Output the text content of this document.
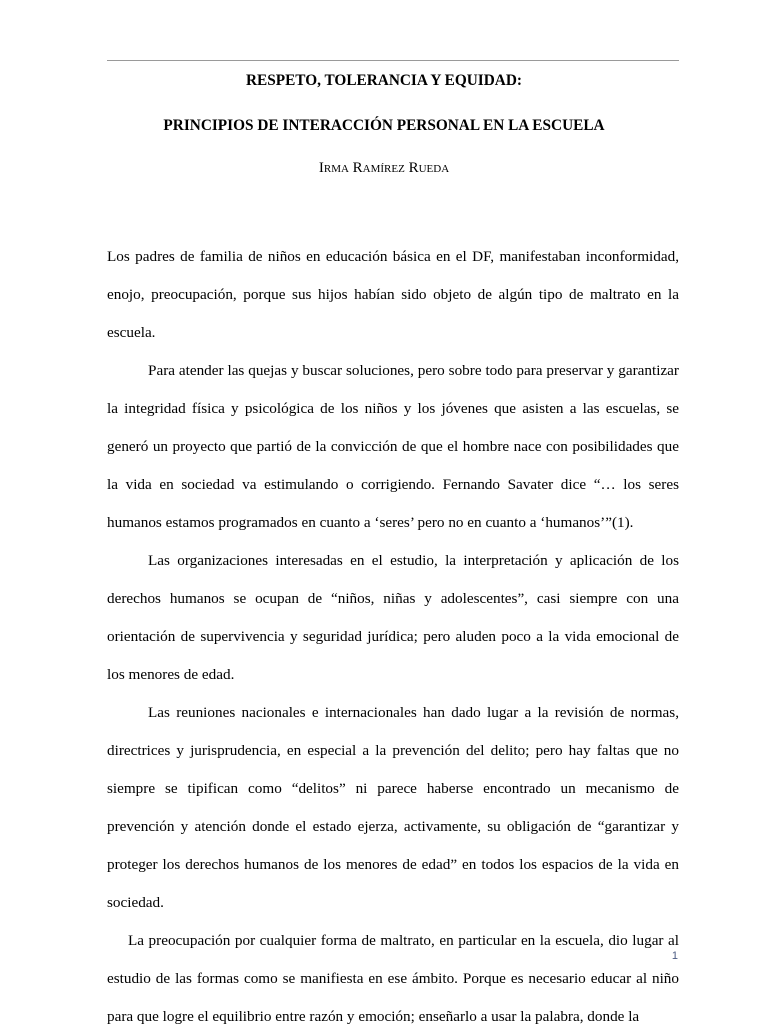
RESPETO, TOLERANCIA Y EQUIDAD:
PRINCIPIOS DE INTERACCIÓN PERSONAL EN LA ESCUELA
Irma Ramírez Rueda

Los padres de familia de niños en educación básica en el DF, manifestaban inconformidad, enojo, preocupación, porque sus hijos habían sido objeto de algún tipo de maltrato en la escuela.

Para atender las quejas y buscar soluciones, pero sobre todo para preservar y garantizar la integridad física y psicológica de los niños y los jóvenes que asisten a las escuelas, se generó un proyecto que partió de la convicción de que el hombre nace con posibilidades que la vida en sociedad va estimulando o corrigiendo. Fernando Savater dice “… los seres humanos estamos programados en cuanto a ‘seres’ pero no en cuanto a ‘humanos’”(1).

Las organizaciones interesadas en el estudio, la interpretación y aplicación de los derechos humanos se ocupan de “niños, niñas y adolescentes”, casi siempre con una orientación de supervivencia y seguridad jurídica; pero aluden poco a la vida emocional de los menores de edad.

Las reuniones nacionales e internacionales han dado lugar a la revisión de normas, directrices y jurisprudencia, en especial a la prevención del delito; pero hay faltas que no siempre se tipifican como “delitos” ni parece haberse encontrado un mecanismo de prevención y atención donde el estado ejerza, activamente, su obligación de “garantizar y proteger los derechos humanos de los menores de edad” en todos los espacios de la vida en sociedad.

La preocupación por cualquier forma de maltrato, en particular en la escuela, dio lugar al estudio de las formas como se manifiesta en ese ámbito. Porque es necesario educar al niño para que logre el equilibrio entre razón y emoción; enseñarlo a usar la palabra, donde la

1
